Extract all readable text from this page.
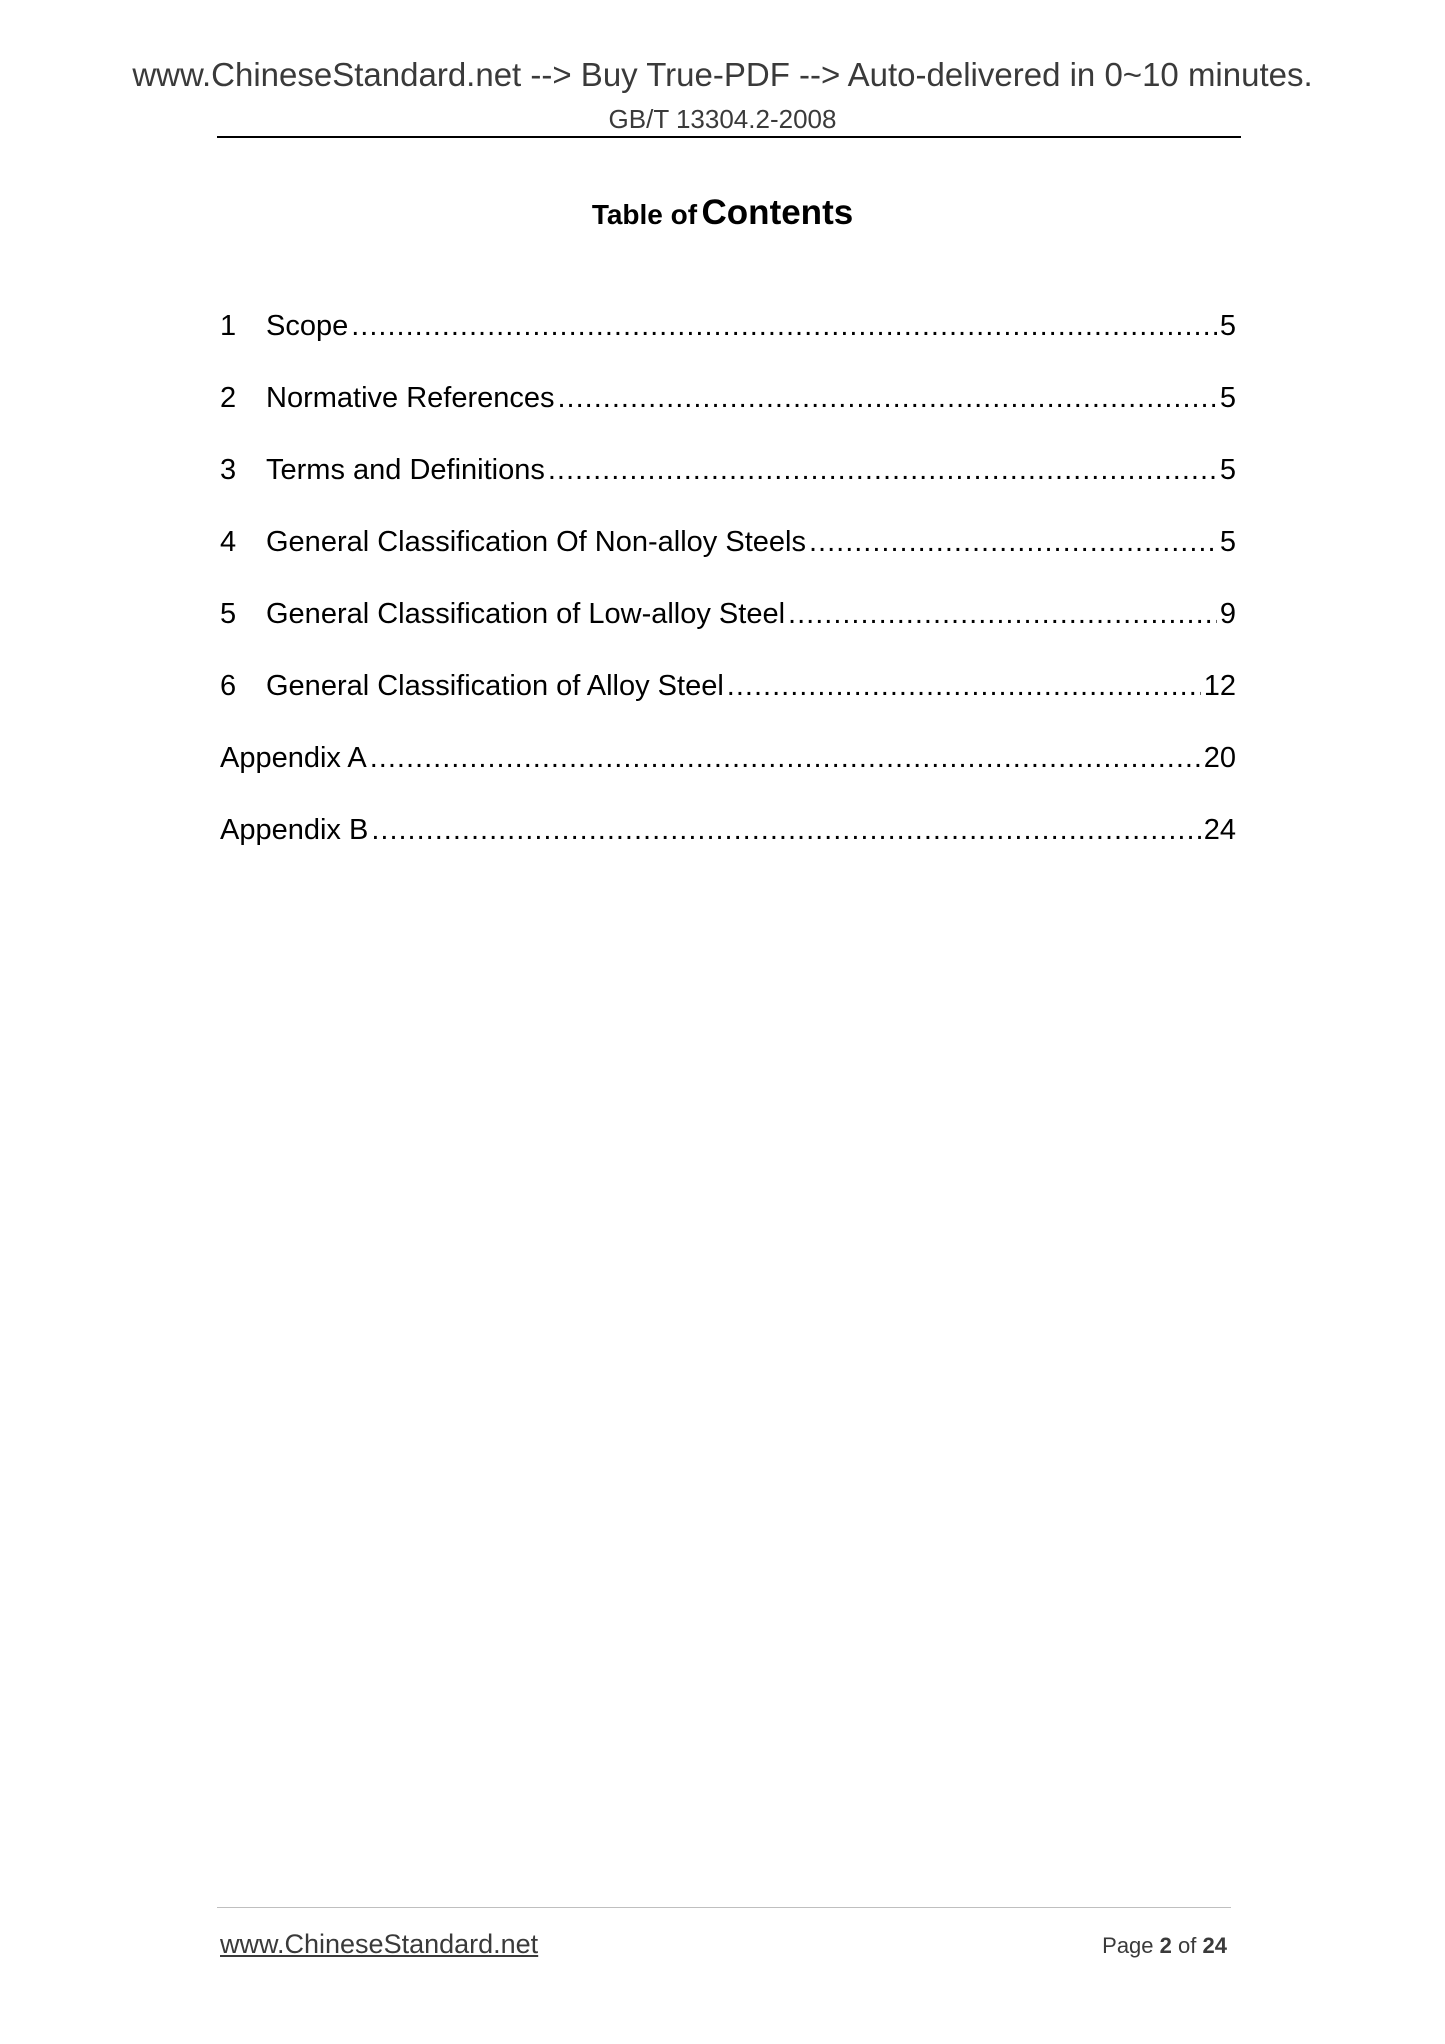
www.ChineseStandard.net --> Buy True-PDF --> Auto-delivered in 0~10 minutes.
GB/T 13304.2-2008
Table of Contents
1	Scope .....	5
2	Normative References .....	5
3	Terms and Definitions .....	5
4	General Classification Of Non-alloy Steels .....	5
5	General Classification of Low-alloy Steel .....	9
6	General Classification of Alloy Steel .....	12
Appendix A .....	20
Appendix B .....	24
www.ChineseStandard.net	Page 2 of 24
